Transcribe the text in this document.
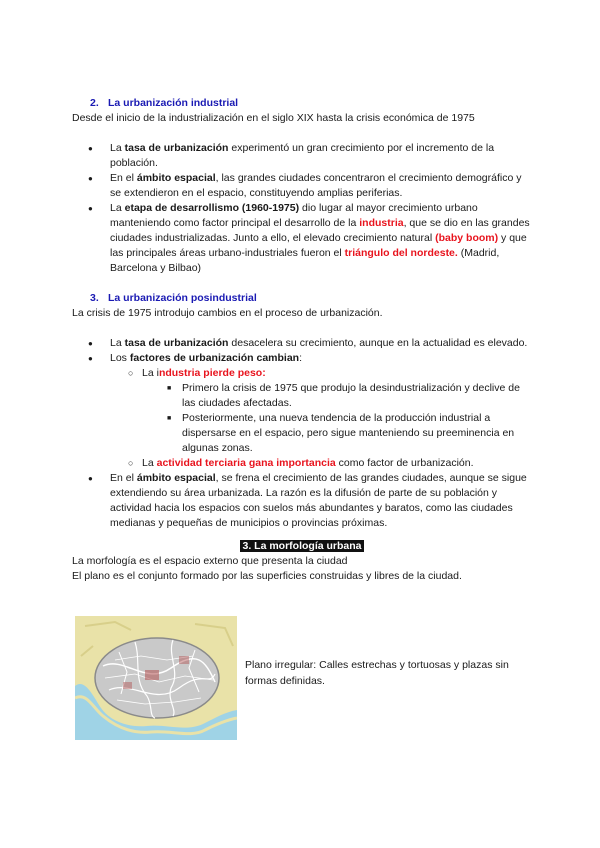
2. La urbanización industrial

Desde el inicio de la industrialización en el siglo XIX hasta la crisis económica de 1975

● La tasa de urbanización experimentó un gran crecimiento por el incremento de la población.
● En el ámbito espacial, las grandes ciudades concentraron el crecimiento demográfico y se extendieron en el espacio, constituyendo amplias periferias.
● La etapa de desarrollismo (1960-1975) dio lugar al mayor crecimiento urbano manteniendo como factor principal el desarrollo de la industria, que se dio en las grandes ciudades industrializadas. Junto a ello, el elevado crecimiento natural (baby boom) y que las principales áreas urbano-industriales fueron el triángulo del nordeste. (Madrid, Barcelona y Bilbao)

3. La urbanización posindustrial

La crisis de 1975 introdujo cambios en el proceso de urbanización.

● La tasa de urbanización desacelera su crecimiento, aunque en la actualidad es elevado.
● Los factores de urbanización cambian:
○ La industria pierde peso:
■ Primero la crisis de 1975 que produjo la desindustrialización y declive de las ciudades afectadas.
■ Posteriormente, una nueva tendencia de la producción industrial a dispersarse en el espacio, pero sigue manteniendo su preeminencia en algunas zonas.
○ La actividad terciaria gana importancia como factor de urbanización.
● En el ámbito espacial, se frena el crecimiento de las grandes ciudades, aunque se sigue extendiendo su área urbanizada. La razón es la difusión de parte de su población y actividad hacia los espacios con suelos más abundantes y baratos, como las ciudades medianas y pequeñas de municipios o provincias próximas.

3. La morfología urbana

La morfología es el espacio externo que presenta la ciudad

El plano es el conjunto formado por las superficies construidas y libres de la ciudad.

Plano irregular: Calles estrechas y tortuosas y plazas sin formas definidas.
